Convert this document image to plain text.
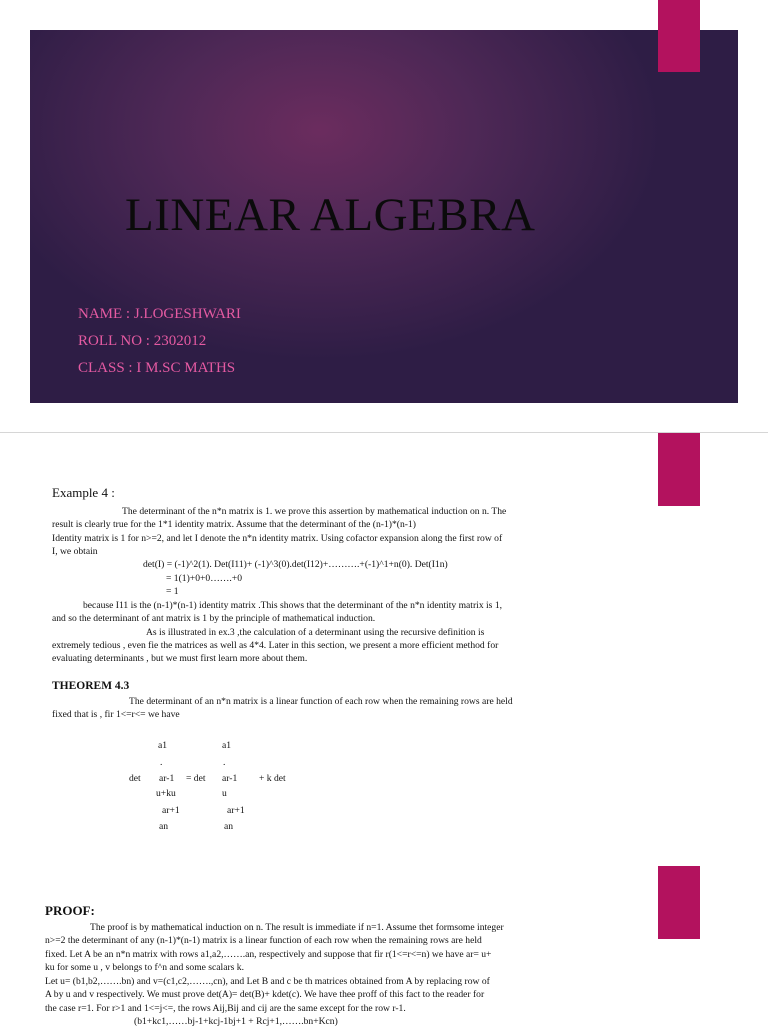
LINEAR ALGEBRA
NAME : J.LOGESHWARI
ROLL NO : 2302012
CLASS : I M.SC MATHS
Example 4 :
The determinant of the n*n matrix is 1. we prove this assertion by mathematical induction on n. The
result is clearly true for the 1*1 identity matrix. Assume that the determinant of the (n-1)*(n-1)
Identity matrix is 1 for n>=2, and let I denote the n*n identity matrix. Using cofactor expansion along the first row of
I, we obtain
det(I) = (-1)^2(1). Det(I11)+ (-1)^3(0).det(I12)+……….+(-1)^1+n(0). Det(I1n)
= 1(1)+0+0…….+0
= 1
because I11 is the (n-1)*(n-1) identity matrix .This shows that the determinant of the n*n identity matrix is 1,
and so the determinant of ant matrix is 1 by the principle of mathematical induction.
As is illustrated in ex.3 ,the calculation of a determinant using the recursive definition is
extremely tedious , even fie the matrices as well as 4*4. Later in this section, we present a more efficient method for
evaluating determinants , but we must first learn more about them.
THEOREM 4.3
The determinant of an n*n matrix is a linear function of each row when the remaining rows are held
fixed that is , fir 1<=r<= we have
a1
.
det ar-1 = det
u+ku
ar+1
an
a1
.
ar-1 + k det
u
ar+1
an
PROOF:
The proof is by mathematical induction on n. The result is immediate if n=1. Assume thet formsome integer
n>=2 the determinant of any (n-1)*(n-1) matrix is a linear function of each row when the remaining rows are held
fixed. Let A be an n*n matrix with rows a1,a2,…….an, respectively and suppose that fir r(1<=r<=n) we have ar= u+
ku for some u , v belongs to f^n and some scalars k.
Let u= (b1,b2,…….bn) and v=(c1,c2,…….,cn), and Let B and c be th matrices obtained from A by replacing row of
A by u and v respectively. We must prove det(A)= det(B)+ kdet(c). We have thee proff of this fact to the reader for
the case r=1. For r>1 and 1<=j<=, the rows Aij,Bij and cij are the same except for the row r-1.
(b1+kc1,……bj-1+kcj-1bj+1 + Rcj+1,…….bn+Kcn)
